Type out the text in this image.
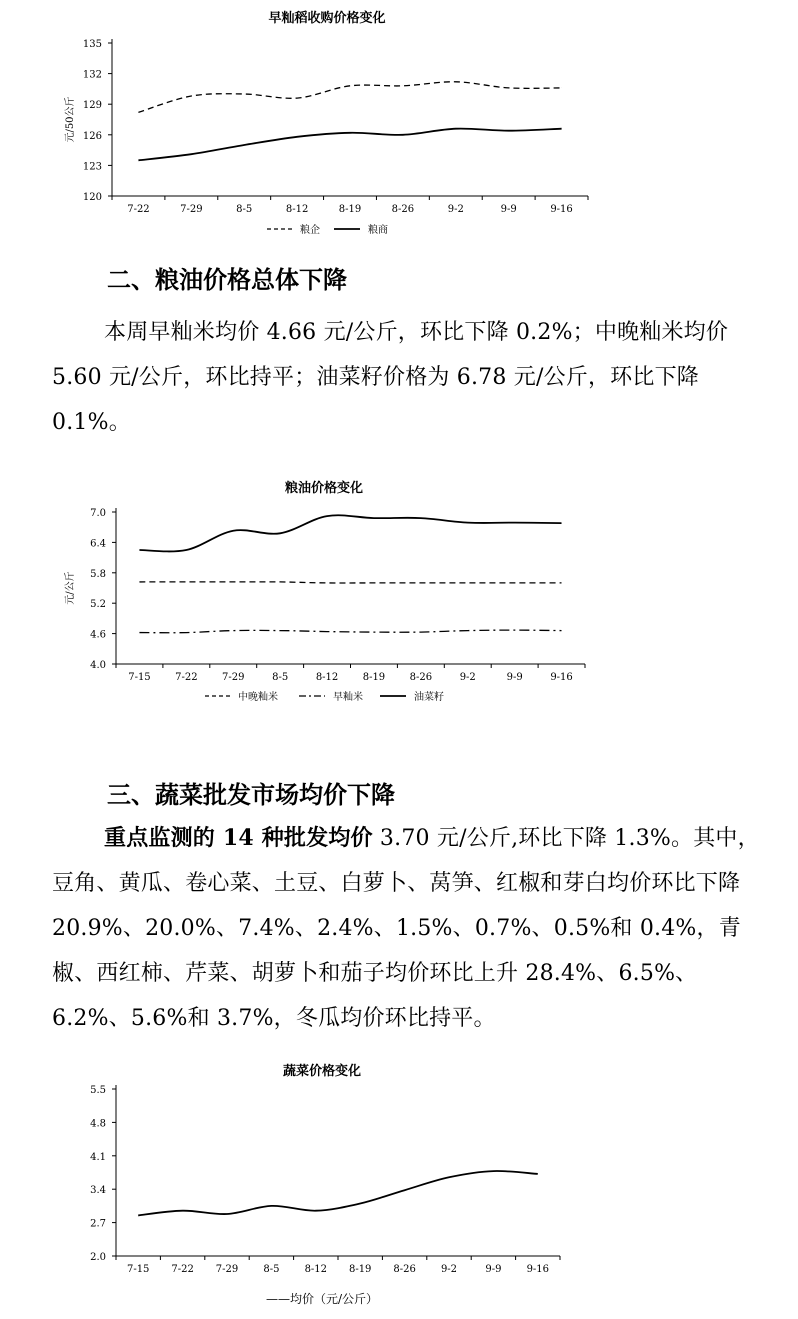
早籼稻收购价格变化
120
123
126
129
132
135
7-22	7-29	8-5	8-12	8-19	8-26	9-2	9-9	9-16
元/50公斤
粮企	粮商
二、粮油价格总体下降

本周早籼米均价 4.66 元/公斤，环比下降 0.2%；中晚籼米均价 5.60 元/公斤，环比持平；油菜籽价格为 6.78 元/公斤，环比下降 0.1%。

粮油价格变化
4.0
4.6
5.2
5.8
6.4
7.0
7-15 7-22 7-29	8-5	8-12 8-19 8-26	9-2	9-9	9-16
元/公斤
中晚籼米	早籼米	油菜籽
三、蔬菜批发市场均价下降

重点监测的 14 种批发均价 3.70 元/公斤,环比下降 1.3%。其中，豆角、黄瓜、卷心菜、土豆、白萝卜、莴笋、红椒和芽白均价环比下降 20.9%、20.0%、7.4%、2.4%、1.5%、0.7%、0.5%和 0.4%，青椒、西红柿、芹菜、胡萝卜和茄子均价环比上升 28.4%、6.5%、6.2%、5.6%和 3.7%，冬瓜均价环比持平。

蔬菜价格变化
2.0
2.7
3.4
4.1
4.8
5.5
7-15 7-22 7-29	8-5	8-12 8-19 8-26	9-2	9-9	9-16
——均价（元/公斤）
